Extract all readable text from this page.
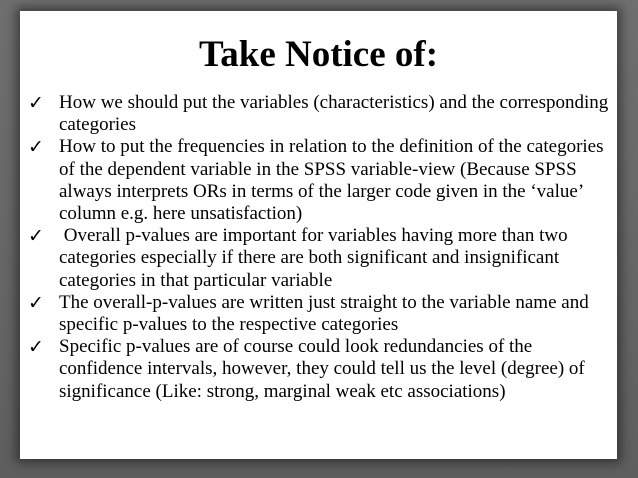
Take Notice of:
✓ How we should put the variables (characteristics) and the corresponding categories
✓ How to put the frequencies in relation to the definition of the categories of the dependent variable in the SPSS variable-view (Because SPSS always interprets ORs in terms of the larger code given in the ‘value’ column e.g. here unsatisfaction)
✓ Overall p-values are important for variables having more than two categories especially if there are both significant and insignificant categories in that particular variable
✓ The overall-p-values are written just straight to the variable name and specific p-values to the respective categories
✓ Specific p-values are of course could look redundancies of the confidence intervals, however, they could tell us the level (degree) of significance (Like: strong, marginal weak etc associations)
